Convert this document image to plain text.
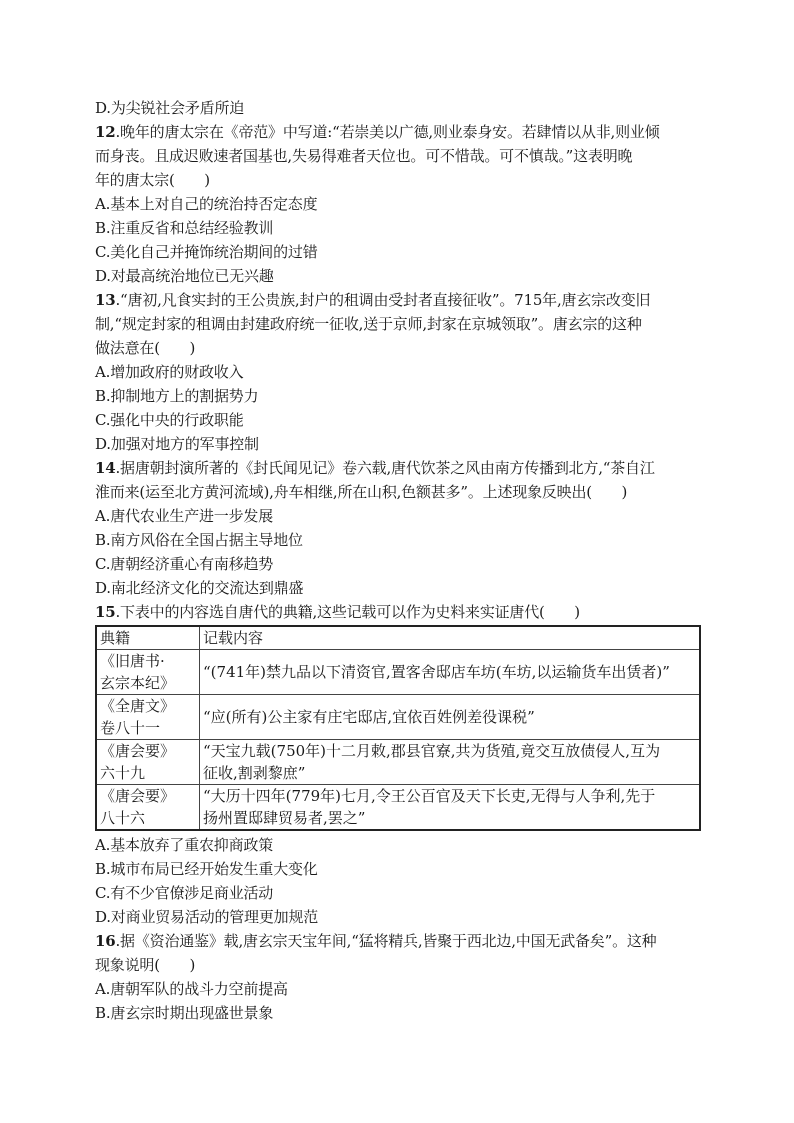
D.为尖锐社会矛盾所迫
12.晚年的唐太宗在《帝范》中写道:“若崇美以广德,则业泰身安。若肆情以从非,则业倾
而身丧。且成迟败速者国基也,失易得难者天位也。可不惜哉。可不慎哉。”这表明晚
年的唐太宗(　　)
A.基本上对自己的统治持否定态度
B.注重反省和总结经验教训
C.美化自己并掩饰统治期间的过错
D.对最高统治地位已无兴趣
13.“唐初,凡食实封的王公贵族,封户的租调由受封者直接征收”。715年,唐玄宗改变旧
制,“规定封家的租调由封建政府统一征收,送于京师,封家在京城领取”。唐玄宗的这种
做法意在(　　)
A.增加政府的财政收入
B.抑制地方上的割据势力
C.强化中央的行政职能
D.加强对地方的军事控制
14.据唐朝封演所著的《封氏闻见记》卷六载,唐代饮茶之风由南方传播到北方,“茶自江
淮而来(运至北方黄河流域),舟车相继,所在山积,色额甚多”。上述现象反映出(　　)
A.唐代农业生产进一步发展
B.南方风俗在全国占据主导地位
C.唐朝经济重心有南移趋势
D.南北经济文化的交流达到鼎盛
15.下表中的内容选自唐代的典籍,这些记载可以作为史料来实证唐代(　　)
典籍	记载内容
《旧唐书·
玄宗本纪》	“(741年)禁九品以下清资官,置客舍邸店车坊(车坊,以运输货车出赁者)”
《全唐文》
卷八十一	“应(所有)公主家有庄宅邸店,宜依百姓例差役课税”
《唐会要》
六十九	“天宝九载(750年)十二月敕,郡县官寮,共为货殖,竟交互放债侵人,互为
征收,割剥黎庶”
《唐会要》
八十六	“大历十四年(779年)七月,令王公百官及天下长吏,无得与人争利,先于
扬州置邸肆贸易者,罢之”
A.基本放弃了重农抑商政策
B.城市布局已经开始发生重大变化
C.有不少官僚涉足商业活动
D.对商业贸易活动的管理更加规范
16.据《资治通鉴》载,唐玄宗天宝年间,“猛将精兵,皆聚于西北边,中国无武备矣”。这种
现象说明(　　)
A.唐朝军队的战斗力空前提高
B.唐玄宗时期出现盛世景象
